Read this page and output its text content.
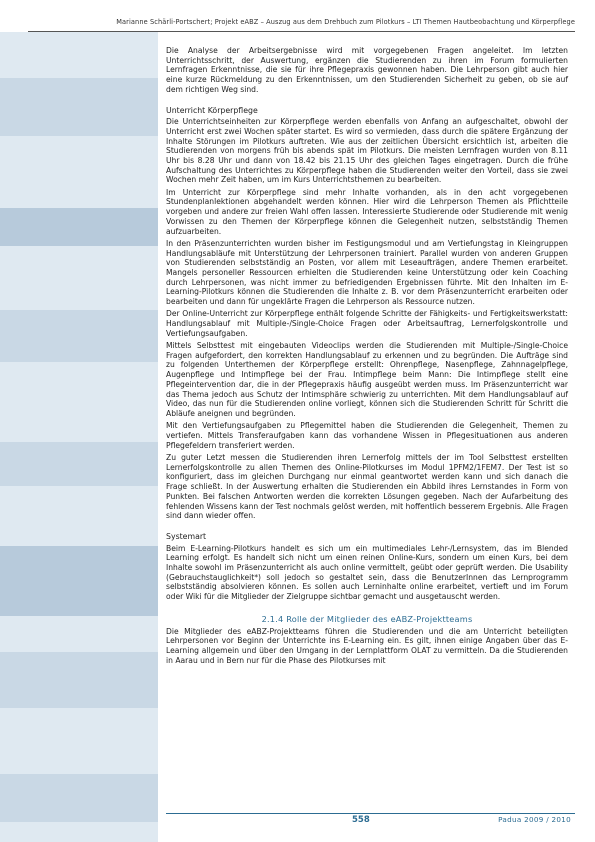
Marianne Schärli-Portschert; Projekt eABZ – Auszug aus dem Drehbuch zum Pilotkurs – LTI Themen Hautbeobachtung und Körperpflege

Die Analyse der Arbeitsergebnisse wird mit vorgegebenen Fragen angeleitet. Im letzten Unterrichtsschritt, der Auswertung, ergänzen die Studierenden zu ihren im Forum formulierten Lernfragen Erkenntnisse, die sie für ihre Pflegepraxis gewonnen haben. Die Lehrperson gibt auch hier eine kurze Rückmeldung zu den Erkenntnissen, um den Studierenden Sicherheit zu geben, ob sie auf dem richtigen Weg sind.

Unterricht Körperpflege

Die Unterrichtseinheiten zur Körperpflege werden ebenfalls von Anfang an aufgeschaltet, obwohl der Unterricht erst zwei Wochen später startet. Es wird so vermieden, dass durch die spätere Ergänzung der Inhalte Störungen im Pilotkurs auftreten. Wie aus der zeitlichen Übersicht ersichtlich ist, arbeiten die Studierenden von morgens früh bis abends spät im Pilotkurs. Die meisten Lernfragen wurden von 8.11 Uhr bis 8.28 Uhr und dann von 18.42 bis 21.15 Uhr des gleichen Tages eingetragen. Durch die frühe Aufschaltung des Unterrichtes zu Körperpflege haben die Studierenden weiter den Vorteil, dass sie zwei Wochen mehr Zeit haben, um im Kurs Unterrichtsthemen zu bearbeiten.

Im Unterricht zur Körperpflege sind mehr Inhalte vorhanden, als in den acht vorgegebenen Stundenplanlektionen abgehandelt werden können. Hier wird die Lehrperson Themen als Pflichtteile vorgeben und andere zur freien Wahl offen lassen. Interessierte Studierende oder Studierende mit wenig Vorwissen zu den Themen der Körperpflege können die Gelegenheit nutzen, selbstständig Themen aufzuarbeiten.

In den Präsenzunterrichten wurden bisher im Festigungsmodul und am Vertiefungstag in Kleingruppen Handlungsabläufe mit Unterstützung der Lehrpersonen trainiert. Parallel wurden von anderen Gruppen von Studierenden selbstständig an Posten, vor allem mit Leseaufträgen, andere Themen erarbeitet. Mangels personeller Ressourcen erhielten die Studierenden keine Unterstützung oder kein Coaching durch Lehrpersonen, was nicht immer zu befriedigenden Ergebnissen führte. Mit den Inhalten im E-Learning-Pilotkurs können die Studierenden die Inhalte z. B. vor dem Präsenzunterricht erarbeiten oder bearbeiten und dann für ungeklärte Fragen die Lehrperson als Ressource nutzen.

Der Online-Unterricht zur Körperpflege enthält folgende Schritte der Fähigkeits- und Fertigkeitswerkstatt: Handlungsablauf mit Multiple-/Single-Choice Fragen oder Arbeitsauftrag, Lernerfolgskontrolle und Vertiefungsaufgaben.

Mittels Selbsttest mit eingebauten Videoclips werden die Studierenden mit Multiple-/Single-Choice Fragen aufgefordert, den korrekten Handlungsablauf zu erkennen und zu begründen. Die Aufträge sind zu folgenden Unterthemen der Körperpflege erstellt: Ohrenpflege, Nasenpflege, Zahnnagelpflege, Augenpflege und Intimpflege bei der Frau. Intimpflege beim Mann: Die Intimpflege stellt eine Pflegeintervention dar, die in der Pflegepraxis häufig ausgeübt werden muss. Im Präsenzunterricht war das Thema jedoch aus Schutz der Intimsphäre schwierig zu unterrichten. Mit dem Handlungsablauf auf Video, das nun für die Studierenden online vorliegt, können sich die Studierenden Schritt für Schritt die Abläufe aneignen und begründen.

Mit den Vertiefungsaufgaben zu Pflegemittel haben die Studierenden die Gelegenheit, Themen zu vertiefen. Mittels Transferaufgaben kann das vorhandene Wissen in Pflegesituationen aus anderen Pflegefeldern transferiert werden.

Zu guter Letzt messen die Studierenden ihren Lernerfolg mittels der im Tool Selbsttest erstellten Lernerfolgskontrolle zu allen Themen des Online-Pilotkurses im Modul 1PFM2/1FEM7. Der Test ist so konfiguriert, dass im gleichen Durchgang nur einmal geantwortet werden kann und sich danach die Frage schließt. In der Auswertung erhalten die Studierenden ein Abbild ihres Lernstandes in Form von Punkten. Bei falschen Antworten werden die korrekten Lösungen gegeben. Nach der Aufarbeitung des fehlenden Wissens kann der Test nochmals gelöst werden, mit hoffentlich besserem Ergebnis. Alle Fragen sind dann wieder offen.

Systemart

Beim E-Learning-Pilotkurs handelt es sich um ein multimediales Lehr-/Lernsystem, das im Blended Learning erfolgt. Es handelt sich nicht um einen reinen Online-Kurs, sondern um einen Kurs, bei dem Inhalte sowohl im Präsenzunterricht als auch online vermittelt, geübt oder geprüft werden. Die Usability (Gebrauchstauglichkeit*) soll jedoch so gestaltet sein, dass die BenutzerInnen das Lernprogramm selbstständig absolvieren können. Es sollen auch Lerninhalte online erarbeitet, vertieft und im Forum oder Wiki für die Mitglieder der Zielgruppe sichtbar gemacht und ausgetauscht werden.

2.1.4 Rolle der Mitglieder des eABZ-Projektteams

Die Mitglieder des eABZ-Projektteams führen die Studierenden und die am Unterricht beteiligten Lehrpersonen vor Beginn der Unterrichte ins E-Learning ein. Es gilt, ihnen einige Angaben über das E-Learning allgemein und über den Umgang in der Lernplattform OLAT zu vermitteln. Da die Studierenden in Aarau und in Bern nur für die Phase des Pilotkurses mit

558	Padua 2009 / 2010
